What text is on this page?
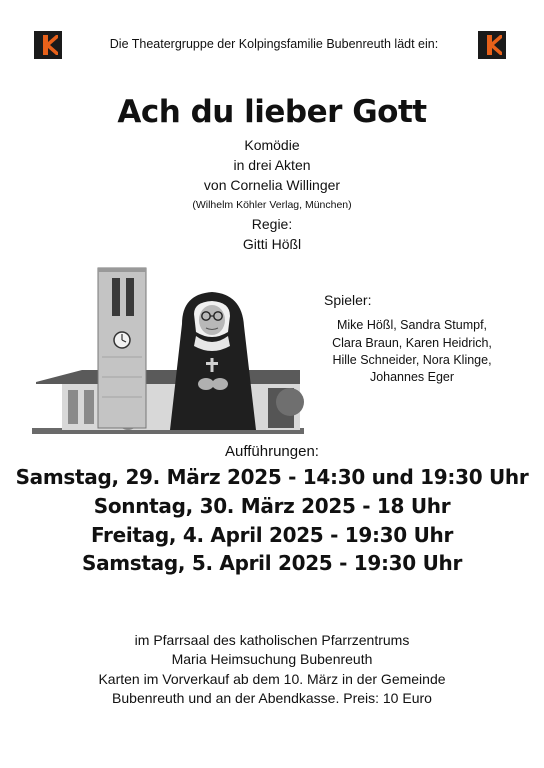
Die Theatergruppe der Kolpingsfamilie Bubenreuth lädt ein:
Ach du lieber Gott
Komödie
in drei Akten
von Cornelia Willinger
(Wilhelm Köhler Verlag, München)
Regie:
Gitti Hößl
Spieler:
Mike Hößl, Sandra Stumpf,
Clara Braun, Karen Heidrich,
Hille Schneider, Nora Klinge,
Johannes Eger
Aufführungen:
Samstag, 29. März 2025 - 14:30 und 19:30 Uhr
Sonntag, 30. März 2025 - 18 Uhr
Freitag, 4. April 2025 - 19:30 Uhr
Samstag, 5. April 2025 - 19:30 Uhr
im Pfarrsaal des katholischen Pfarrzentrums
Maria Heimsuchung Bubenreuth
Karten im Vorverkauf ab dem 10. März in der Gemeinde
Bubenreuth und an der Abendkasse. Preis: 10 Euro
